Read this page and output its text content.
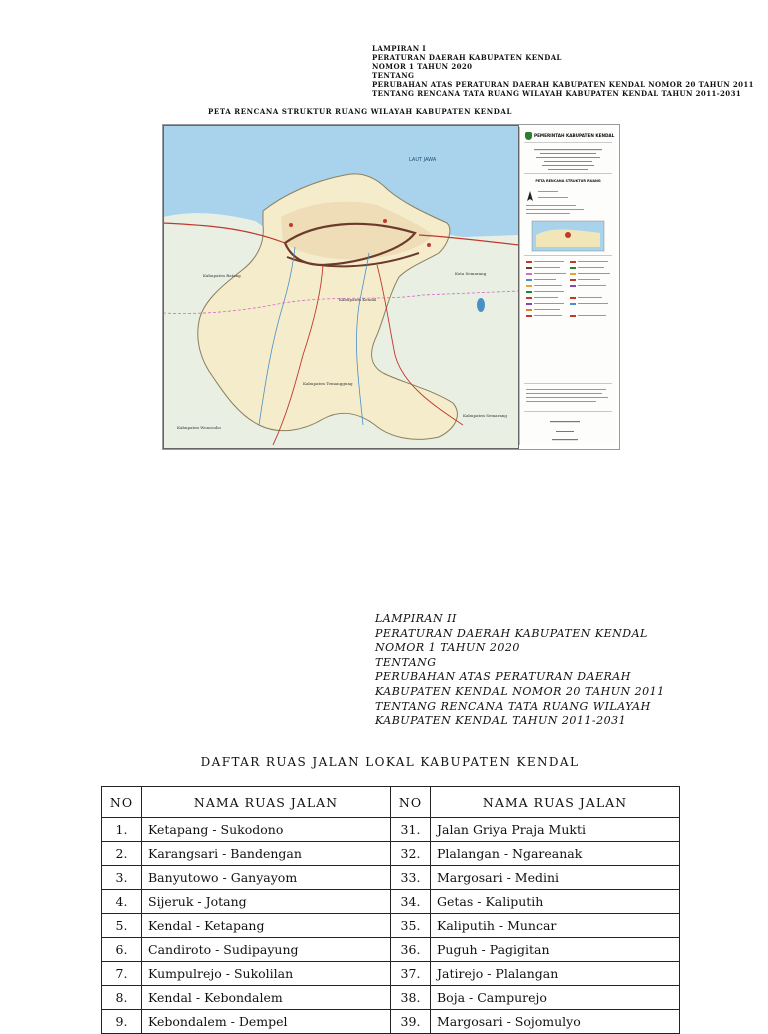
LAMPIRAN I
PERATURAN DAERAH KABUPATEN KENDAL
NOMOR 1 TAHUN 2020
TENTANG
PERUBAHAN ATAS PERATURAN DAERAH KABUPATEN KENDAL NOMOR 20 TAHUN 2011
TENTANG RENCANA TATA RUANG WILAYAH KABUPATEN KENDAL TAHUN 2011-2031
PETA RENCANA STRUKTUR RUANG WILAYAH KABUPATEN KENDAL
LAUT JAWA
Kabupaten Batang
Kabupaten Kendal
Kota Semarang
Kabupaten Temanggung
Kabupaten Semarang
Kabupaten Wonosobo
PEMERINTAH KABUPATEN KENDAL
PETA RENCANA STRUKTUR RUANG
LAMPIRAN II
PERATURAN DAERAH KABUPATEN KENDAL
NOMOR 1 TAHUN 2020
TENTANG
PERUBAHAN ATAS PERATURAN DAERAH
KABUPATEN KENDAL NOMOR 20 TAHUN 2011
TENTANG RENCANA TATA RUANG WILAYAH
KABUPATEN KENDAL TAHUN 2011-2031
DAFTAR RUAS JALAN LOKAL KABUPATEN KENDAL
NO	NAMA RUAS JALAN	NO	NAMA RUAS JALAN
1.	Ketapang - Sukodono	31.	Jalan Griya Praja Mukti
2.	Karangsari - Bandengan	32.	Plalangan - Ngareanak
3.	Banyutowo - Ganyayom	33.	Margosari - Medini
4.	Sijeruk - Jotang	34.	Getas - Kaliputih
5.	Kendal - Ketapang	35.	Kaliputih - Muncar
6.	Candiroto - Sudipayung	36.	Puguh - Pagigitan
7.	Kumpulrejo - Sukolilan	37.	Jatirejo - Plalangan
8.	Kendal - Kebondalem	38.	Boja - Campurejo
9.	Kebondalem - Dempel	39.	Margosari - Sojomulyo
